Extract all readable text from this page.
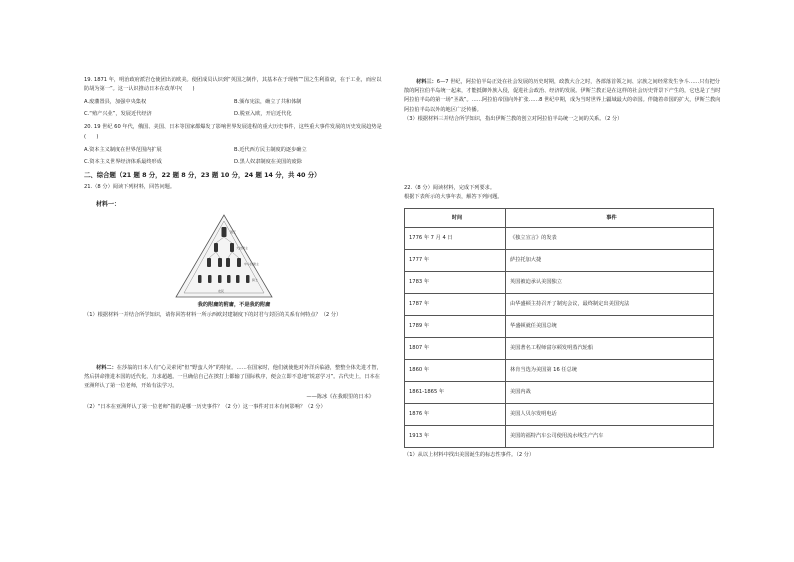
19. 1871 年，明治政府派岩仓使团出访欧美。使团成员认识到“英国之制作，其基本在于现核”“国之生利盈衰，在于工业，而应以防胡为第一”。这一认识推动日本在改革中(　　)

A.废藩置县，加强中央集权	B.颁布宪法，确立了共和体制
C.“殖产兴业”，发展近代经济	D.脱亚入欧，开启近代化

20. 19 世纪 60 年代，俄国、美国、日本等国家都爆发了影响世界发展进程的重大历史事件，这些重大事件发展的历史发展趋势是(　　)

A.资本主义制度在世界范围内扩展	B.近代西方民主制度的逐步确立
C.资本主义世界经济体系最终形成	D.黑人奴隶制度在美国的废除

二、综合题（21 题 8 分，22 题 8 分，23 题 10 分，24 题 14 分，共 40 分）

21.（8 分）阅读下列材料，回答问题。

材料一：

国王
大封建主
中小封建主
骑士
农民

我的附庸的附庸，不是我的附庸

（1）根据材料一并结合所学知识，请你回答材料一所示西欧封建制度下的封君与封臣的关系有何特点？（2 分）

材料二：在莎翁的日本人有“心灵索闭”但“野蛮人外”的特征。……在国家时，他们就使他对外洋兵临港，整整全体先进才智，然后拼命推进本国的近代化，力求超越。一旦确信自己在挨打上都输了国际秩序，便会立即不息地“锐意学习”。古代史上，日本在亚洲拜认了第一位老师，开始有法学习。

——陈冰《在我眼里的日本》

（2）“日本在亚洲拜认了第一位老师”指的是哪一历史事件？（2 分）这一事件对日本有何影响？（2 分）

材料三：6—7 世纪，阿拉伯半岛正处在社会发展的历史时期，政教大合之时，各部落首领之间、宗族之间经常发生争斗……只有把分散的阿拉伯半岛统一起来，才能抵御外族入侵，促进社会政治、经济的发展。伊斯兰教正是在这样的社会历史背景下产生的，它也是了当时阿拉伯半岛的第一场“圣战”。……阿拉伯帝国向外扩张……8 世纪中期，成为当时世界上疆域最大的帝国。伴随着帝国的扩大，伊斯兰教向阿拉伯半岛以外的地区广泛传播。

（3）根据材料三并结合所学知识，指出伊斯兰教的创立对阿拉伯半岛统一之间的关系。（2 分）

22.（8 分）阅读材料，完成下列要求。

根据下表所示的大事年表，解答下列问题。

时间	事件
1776 年 7 月 4 日	《独立宣言》的发表
1777 年	萨拉托加大捷
1783 年	英国被迫承认美国独立
1787 年	由华盛顿主持召开了制宪会议，最终制定出美国宪法
1789 年	华盛顿就任美国总统
1807 年	美国著名工程师富尔顿发明蒸汽轮船
1860 年	林肯当选为美国第 16 任总统
1861-1865 年	美国内战
1876 年	美国人贝尔发明电话
1913 年	美国的福特汽车公司使用流水线生产汽车

（1）从以上材料中找出美国诞生的标志性事件。（2 分）
